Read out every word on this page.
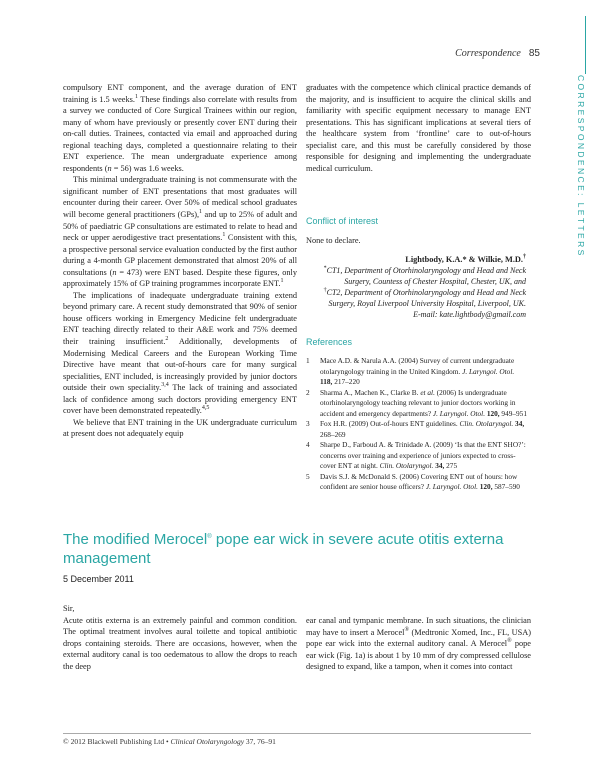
Correspondence 85
CORRESPONDENCE: LETTERS

compulsory ENT component, and the average duration of ENT training is 1.5 weeks.$^1$ These findings also correlate with results from a survey we conducted of Core Surgical Trainees within our region, many of whom have previously or presently cover ENT during their on-call duties. Trainees, contacted via email and approached during regional teaching days, completed a questionnaire relating to their ENT experience. The mean undergraduate experience among respondents (n = 56) was 1.6 weeks.

This minimal undergraduate training is not commensurate with the significant number of ENT presentations that most graduates will encounter during their career. Over 50% of medical school graduates will become general practitioners (GPs),$^1$ and up to 25% of adult and 50% of paediatric GP consultations are estimated to relate to head and neck or upper aerodigestive tract presentations.$^1$ Consistent with this, a prospective personal service evaluation conducted by the first author during a 4-month GP placement demonstrated that almost 20% of all consultations (n = 473) were ENT based. Despite these figures, only approximately 15% of GP training programmes incorporate ENT.$^1$

The implications of inadequate undergraduate training extend beyond primary care. A recent study demonstrated that 90% of senior house officers working in Emergency Medicine felt undergraduate ENT teaching directly related to their A&E work and 75% deemed their training insufficient.$^2$ Additionally, developments of Modernising Medical Careers and the European Working Time Directive have meant that out-of-hours care for many surgical specialities, ENT included, is increasingly provided by junior doctors outside their own speciality.$^{3,4}$ The lack of training and associated lack of confidence among such doctors providing emergency ENT cover have been demonstrated repeatedly.$^{4,5}$

We believe that ENT training in the UK undergraduate curriculum at present does not adequately equip

graduates with the competence which clinical practice demands of the majority, and is insufficient to acquire the clinical skills and familiarity with specific equipment necessary to manage ENT presentations. This has significant implications at several tiers of the healthcare system from ‘frontline’ care to out-of-hours specialist care, and this must be carefully considered by those responsible for designing and implementing the undergraduate medical curriculum.

Conflict of interest
None to declare.
Lightbody, K.A.* & Wilkie, M.D.†
*CT1, Department of Otorhinolaryngology and Head and Neck Surgery, Countess of Chester Hospital, Chester, UK, and
†CT2, Department of Otorhinolaryngology and Head and Neck Surgery, Royal Liverpool University Hospital, Liverpool, UK.
E-mail: kate.lightbody@gmail.com
References
1 Mace A.D. & Narula A.A. (2004) Survey of current undergraduate otolaryngology training in the United Kingdom. J. Laryngol. Otol. 118, 217–220
2 Sharma A., Machen K., Clarke B. et al. (2006) Is undergraduate otorhinolaryngology teaching relevant to junior doctors working in accident and emergency departments? J. Laryngol. Otol. 120, 949–951
3 Fox H.R. (2009) Out-of-hours ENT guidelines. Clin. Otolaryngol. 34, 268–269
4 Sharpe D., Farboud A. & Trinidade A. (2009) ‘Is that the ENT SHO?’: concerns over training and experience of juniors expected to cross-cover ENT at night. Clin. Otolaryngol. 34, 275
5 Davis S.J. & McDonald S. (2006) Covering ENT out of hours: how confident are senior house officers? J. Laryngol. Otol. 120, 587–590
The modified Merocel® pope ear wick in severe acute otitis externa management
5 December 2011

Sir,

Acute otitis externa is an extremely painful and common condition. The optimal treatment involves aural toilette and topical antibiotic drops containing steroids. There are occasions, however, when the external auditory canal is too oedematous to allow the drops to reach the deep

ear canal and tympanic membrane. In such situations, the clinician may have to insert a Merocel® (Medtronic Xomed, Inc., FL, USA) pope ear wick into the external auditory canal. A Merocel® pope ear wick (Fig. 1a) is about 1 by 10 mm of dry compressed cellulose designed to expand, like a tampon, when it comes into contact

© 2012 Blackwell Publishing Ltd • Clinical Otolaryngology 37, 76–91
